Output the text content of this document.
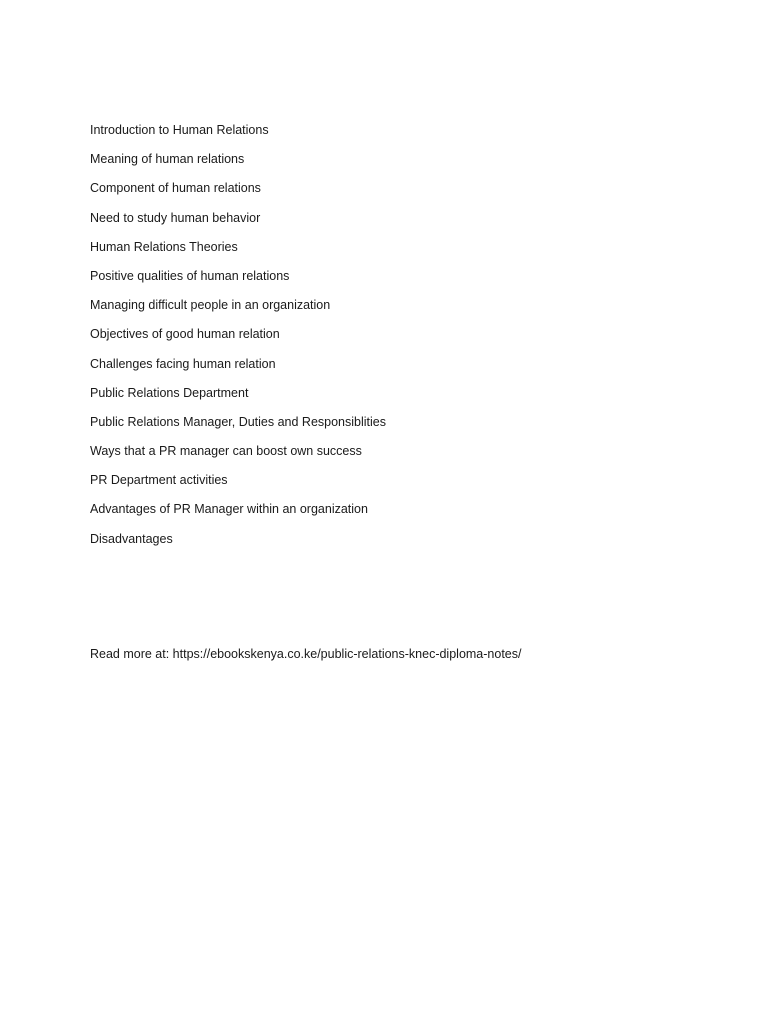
Introduction to Human Relations
Meaning of human relations
Component of human relations
Need to study human behavior
Human Relations Theories
Positive qualities of human relations
Managing difficult people in an organization
Objectives of good human relation
Challenges facing human relation
Public Relations Department
Public Relations Manager, Duties and Responsiblities
Ways that a PR manager can boost own success
PR Department activities
Advantages of PR Manager within an organization
Disadvantages
Read more at: https://ebookskenya.co.ke/public-relations-knec-diploma-notes/
